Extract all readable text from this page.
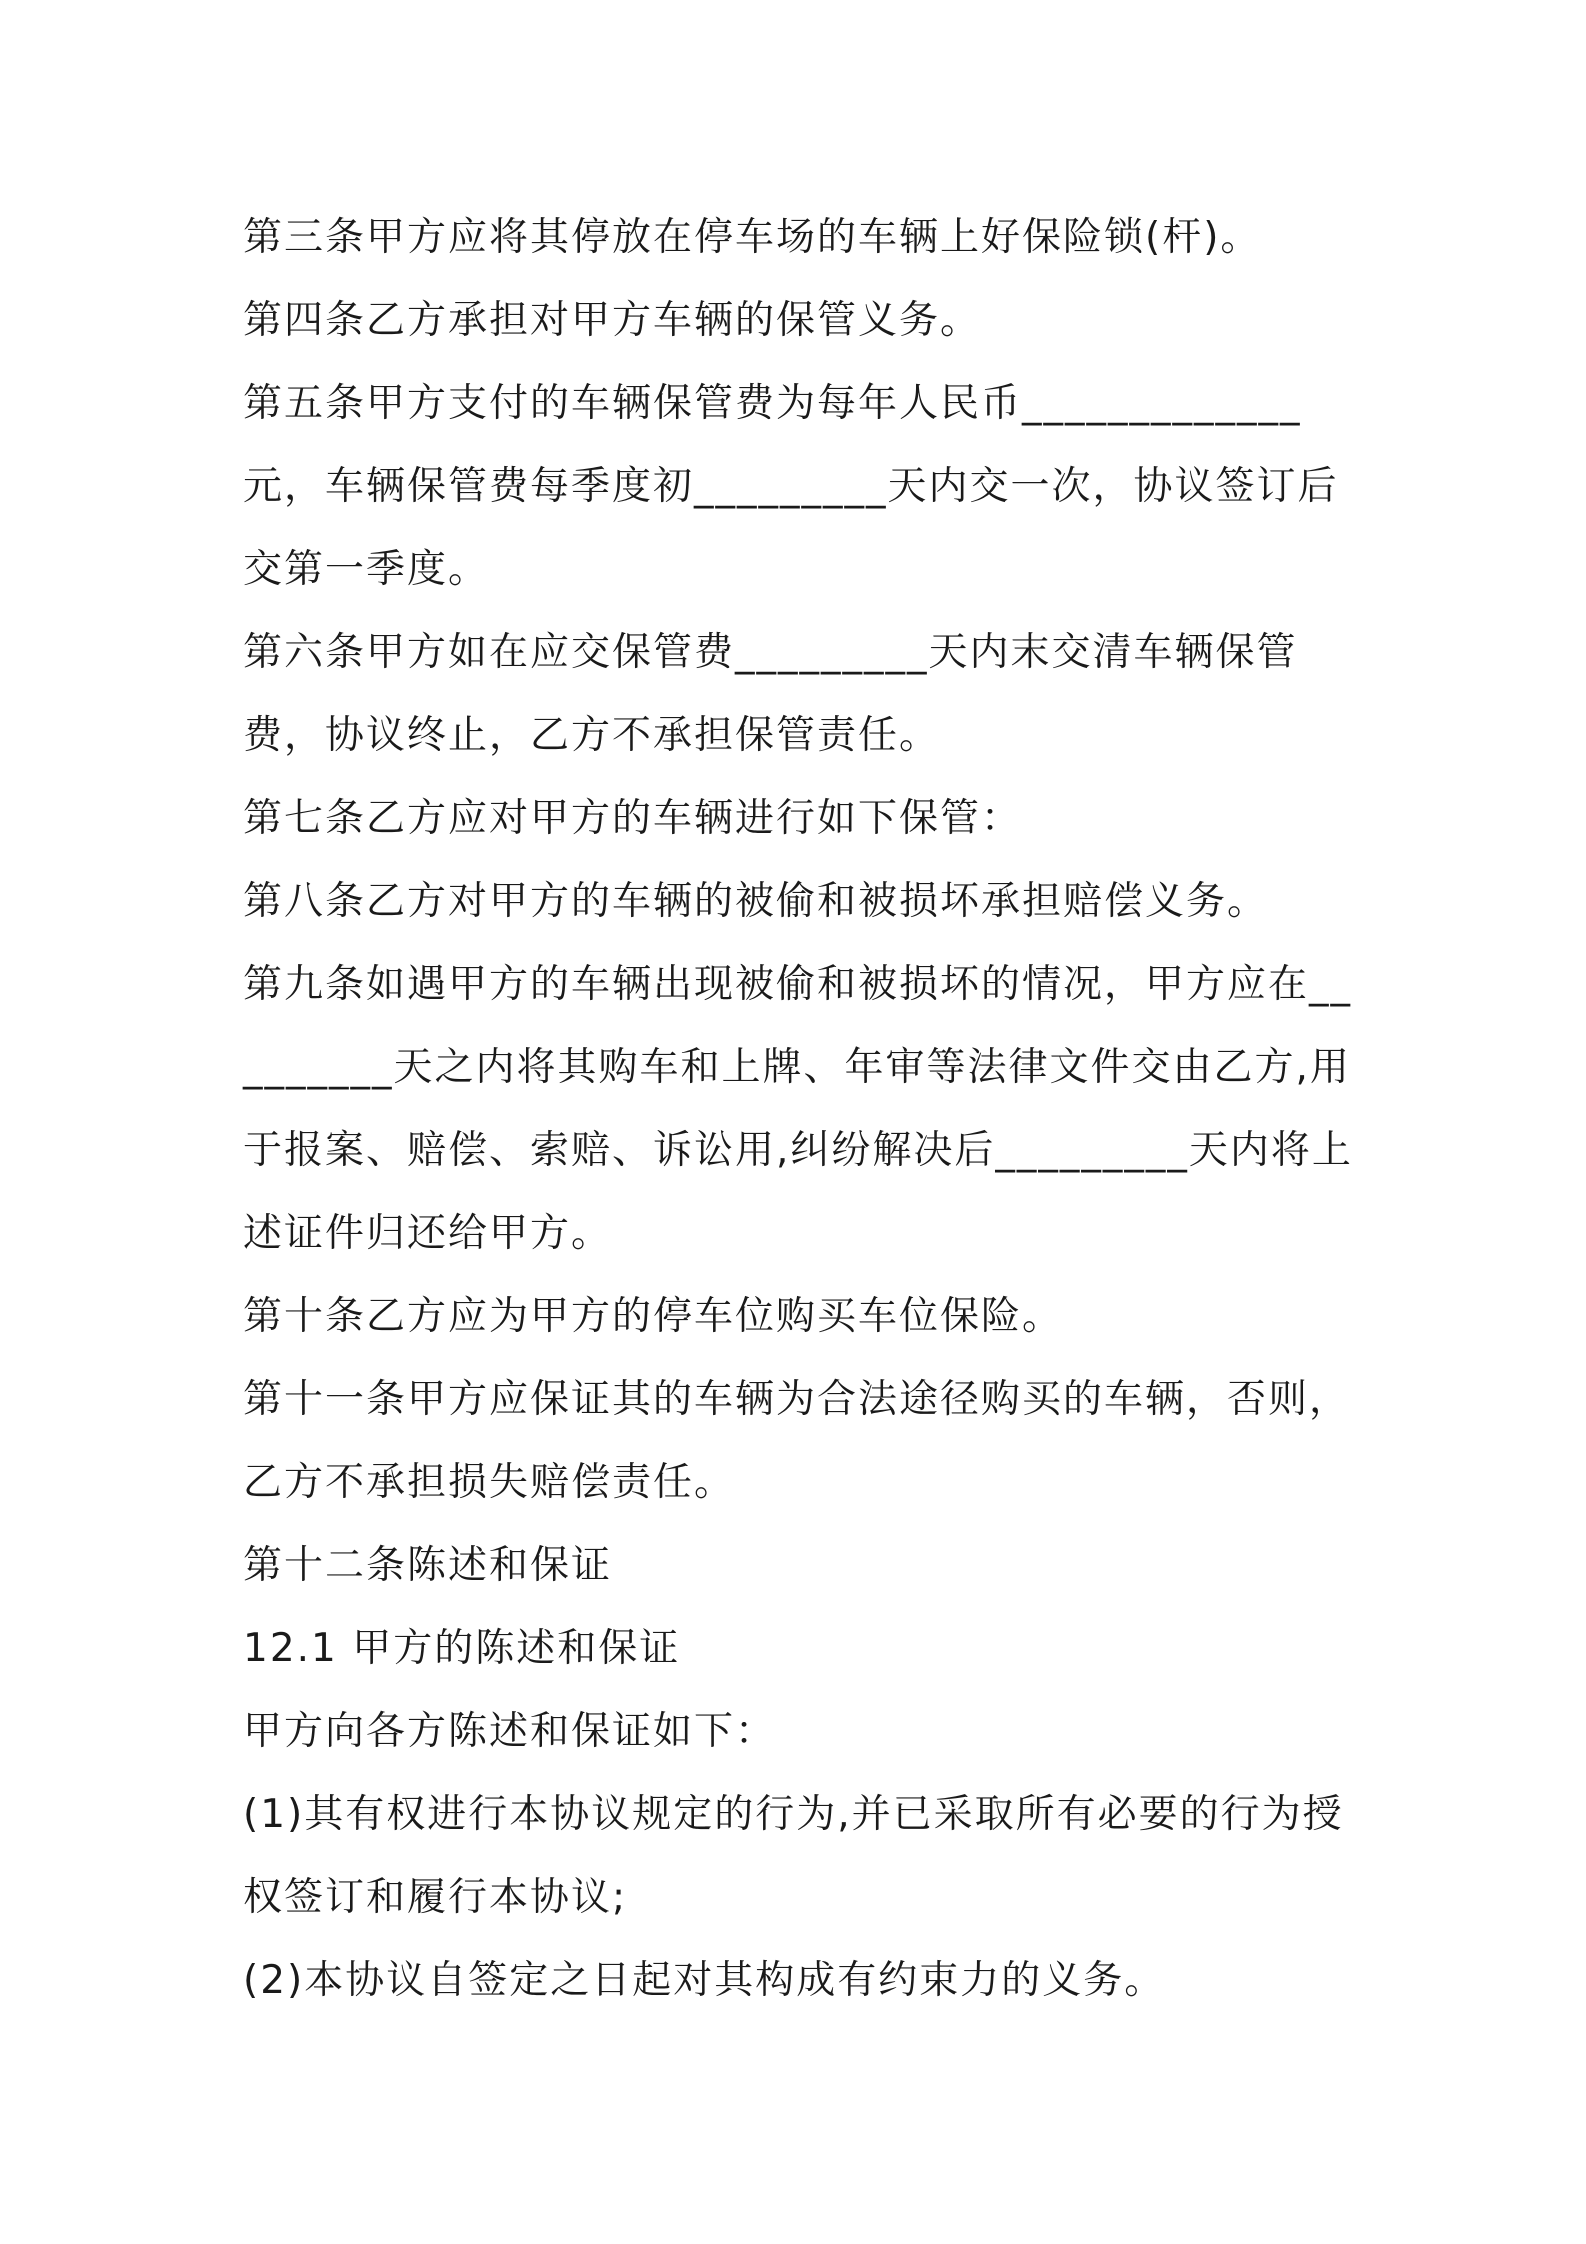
第三条甲方应将其停放在停车场的车辆上好保险锁(杆)。

第四条乙方承担对甲方车辆的保管义务。

第五条甲方支付的车辆保管费为每年人民币_____________元，车辆保管费每季度初_________天内交一次，协议签订后交第一季度。

第六条甲方如在应交保管费_________天内末交清车辆保管费，协议终止，乙方不承担保管责任。

第七条乙方应对甲方的车辆进行如下保管：

第八条乙方对甲方的车辆的被偷和被损坏承担赔偿义务。

第九条如遇甲方的车辆出现被偷和被损坏的情况，甲方应在_________天之内将其购车和上牌、年审等法律文件交由乙方,用于报案、赔偿、索赔、诉讼用,纠纷解决后_________天内将上述证件归还给甲方。

第十条乙方应为甲方的停车位购买车位保险。

第十一条甲方应保证其的车辆为合法途径购买的车辆，否则，乙方不承担损失赔偿责任。

第十二条陈述和保证

12.1 甲方的陈述和保证

甲方向各方陈述和保证如下：

(1)其有权进行本协议规定的行为,并已采取所有必要的行为授权签订和履行本协议;

(2)本协议自签定之日起对其构成有约束力的义务。
